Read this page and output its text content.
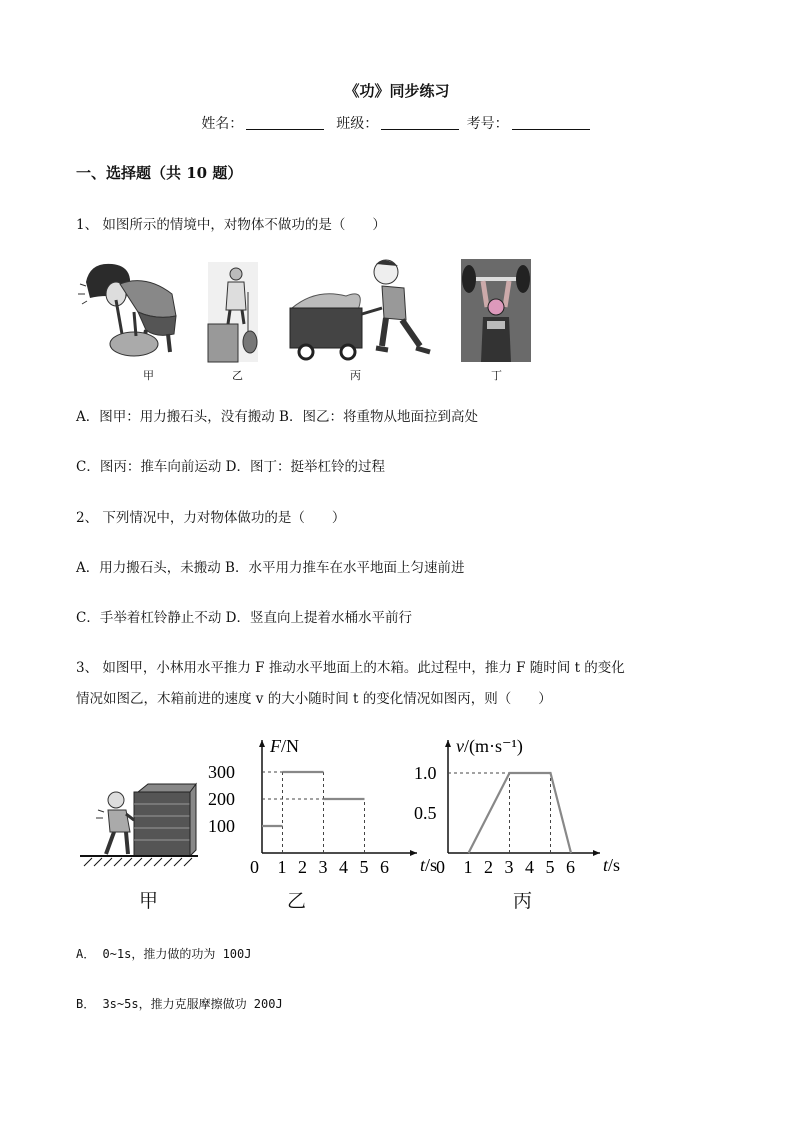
《功》同步练习
姓名：	班级：	考号：
一、选择题（共 10 题）
1、 如图所示的情境中，对物体不做功的是（　　）
甲	乙	丙	丁
A．图甲：用力搬石头，没有搬动 B．图乙：将重物从地面拉到高处
C．图丙：推车向前运动 D．图丁：挺举杠铃的过程
2、 下列情况中，力对物体做功的是（　　）
A．用力搬石头，未搬动 B．水平用力推车在水平地面上匀速前进
C．手举着杠铃静止不动 D．竖直向上提着水桶水平前行
3、 如图甲，小林用水平推力 F 推动水平地面上的木箱。此过程中，推力 F 随时间 t 的变化
情况如图乙，木箱前进的速度 v 的大小随时间 t 的变化情况如图丙，则（　　）
甲	乙	丙
0 1 2 3 4 5 6
F/N
t/s
100
200
300
0 1 2 3 4 5 6
v/(m·s⁻¹)
t/s
0.5
1.0
A． 0~1s，推力做的功为 100J
B． 3s~5s，推力克服摩擦做功 200J
